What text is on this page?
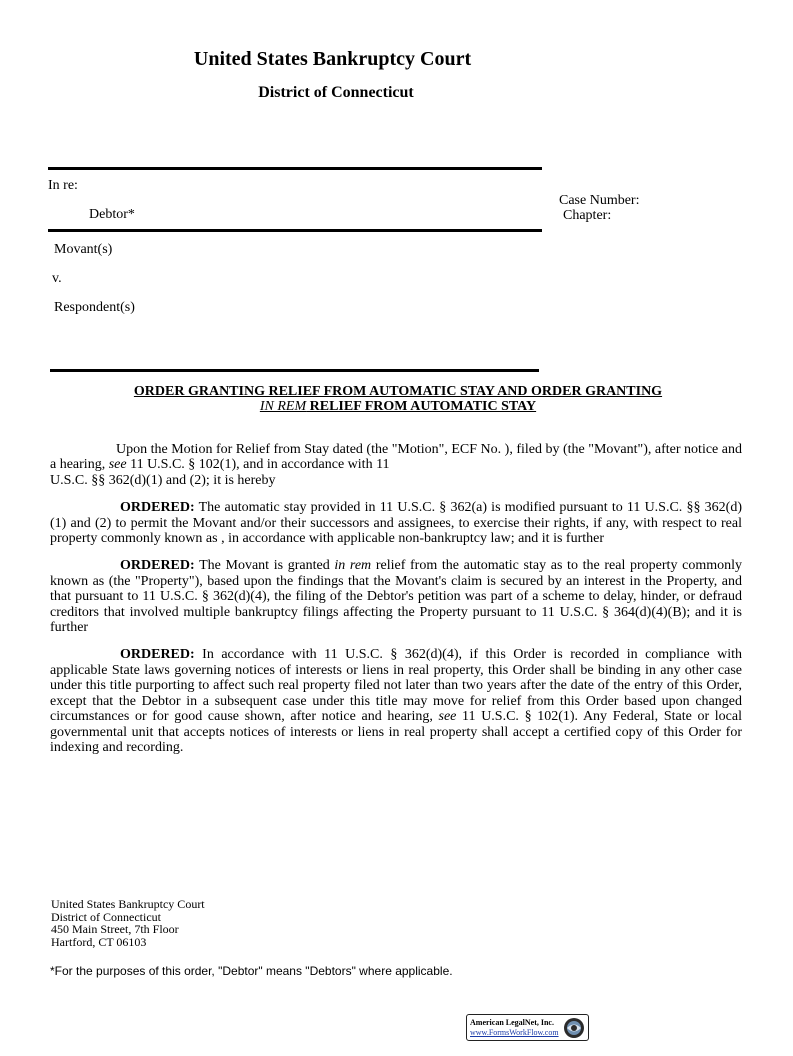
United States Bankruptcy Court
District of Connecticut
In re:
Debtor*
Case Number:
Chapter:
Movant(s)
v.
Respondent(s)
ORDER GRANTING RELIEF FROM AUTOMATIC STAY AND ORDER GRANTING
IN REM RELIEF FROM AUTOMATIC STAY

Upon the Motion for Relief from Stay dated (the "Motion", ECF No. ), filed by (the "Movant"), after notice and a hearing, see 11 U.S.C. § 102(1), and in accordance with 11
U.S.C. §§ 362(d)(1) and (2); it is hereby

ORDERED: The automatic stay provided in 11 U.S.C. § 362(a) is modified pursuant to 11 U.S.C. §§ 362(d)(1) and (2) to permit the Movant and/or their successors and assignees, to exercise their rights, if any, with respect to real property commonly known as , in accordance with applicable non-bankruptcy law; and it is further

ORDERED: The Movant is granted in rem relief from the automatic stay as to the real property commonly known as (the "Property"), based upon the findings that the Movant's claim is secured by an interest in the Property, and that pursuant to 11 U.S.C. § 362(d)(4), the filing of the Debtor's petition was part of a scheme to delay, hinder, or defraud creditors that involved multiple bankruptcy filings affecting the Property pursuant to 11 U.S.C. § 364(d)(4)(B); and it is further

ORDERED: In accordance with 11 U.S.C. § 362(d)(4), if this Order is recorded in compliance with applicable State laws governing notices of interests or liens in real property, this Order shall be binding in any other case under this title purporting to affect such real property filed not later than two years after the date of the entry of this Order, except that the Debtor in a subsequent case under this title may move for relief from this Order based upon changed circumstances or for good cause shown, after notice and hearing, see 11 U.S.C. § 102(1). Any Federal, State or local governmental unit that accepts notices of interests or liens in real property shall accept a certified copy of this Order for indexing and recording.

United States Bankruptcy Court
District of Connecticut
450 Main Street, 7th Floor
Hartford, CT 06103
*For the purposes of this order, "Debtor" means "Debtors" where applicable.
American LegalNet, Inc.
www.FormsWorkFlow.com
